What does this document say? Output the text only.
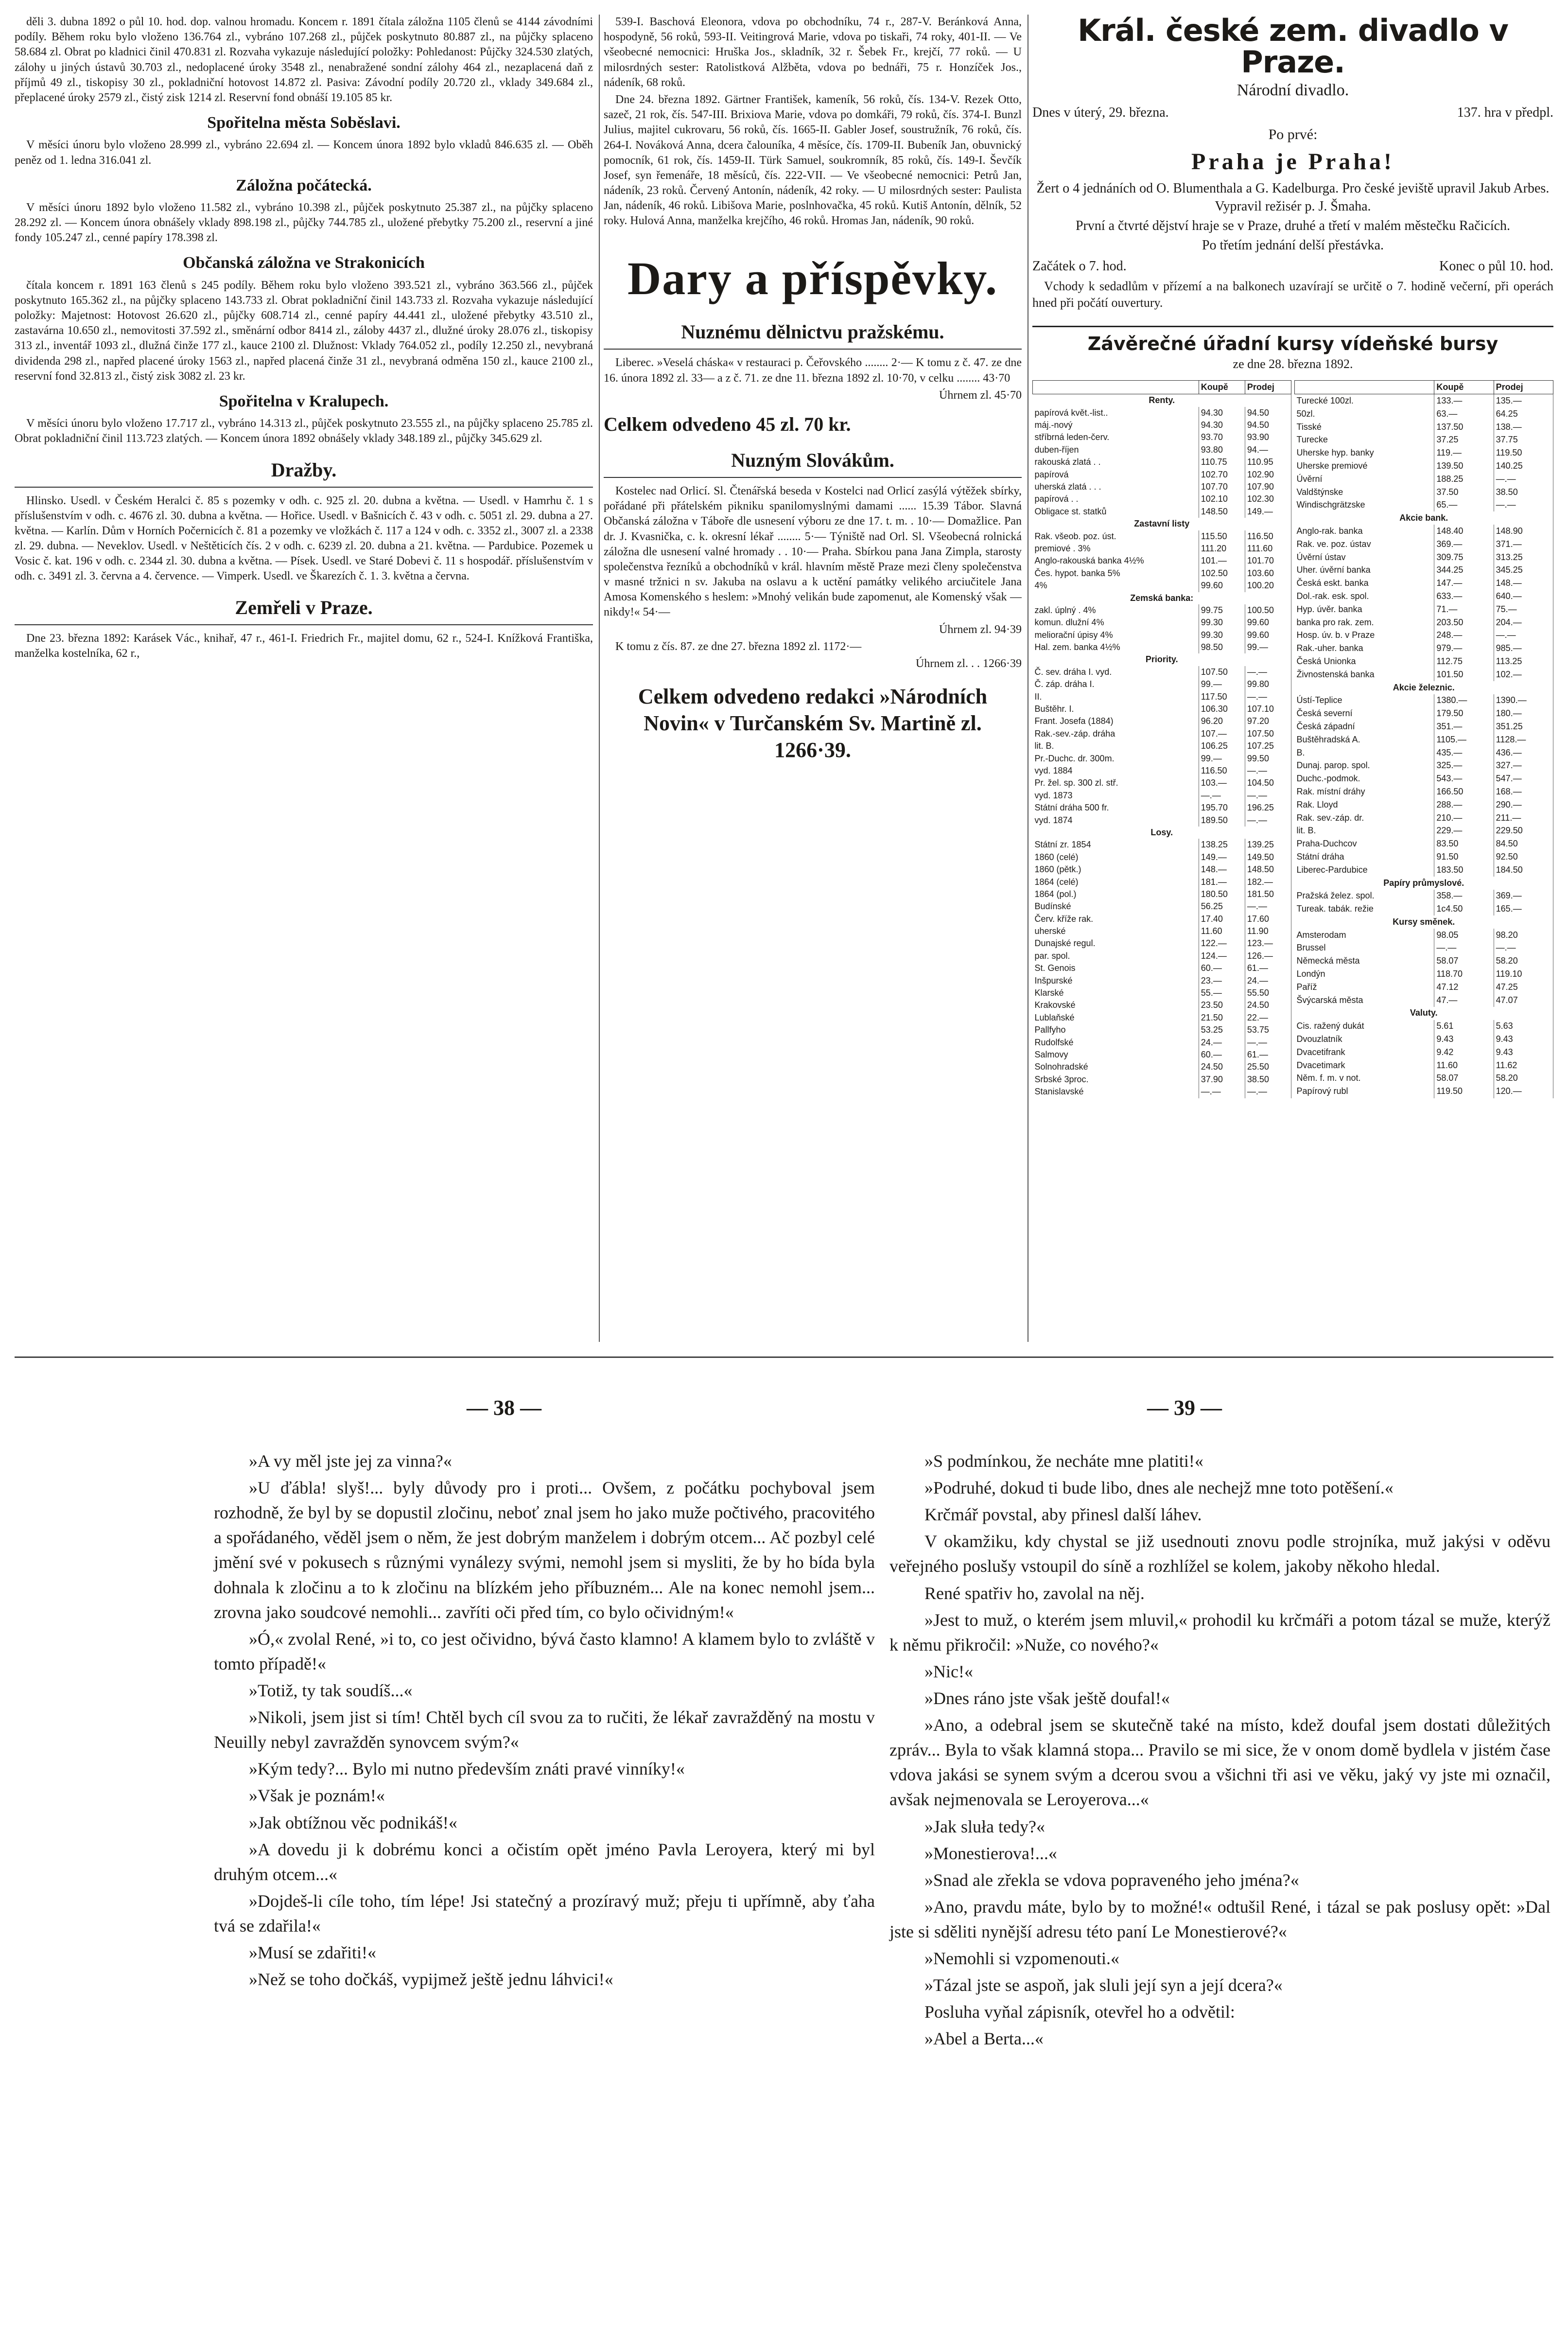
děli 3. dubna 1892 o půl 10. hod. dop. valnou hromadu. Koncem r. 1891 čítala záložna 1105 členů se 4144 závodními podíly. Během roku bylo vloženo 136.764 zl., vybráno 107.268 zl., půjček poskytnuto 80.887 zl., na půjčky splaceno 58.684 zl. Obrat po kladnici činil 470.831 zl. Rozvaha vykazuje následující položky: Pohledanost: Půjčky 324.530 zlatých, zálohy u jiných ústavů 30.703 zl., nedoplacené úroky 3548 zl., nenabražené sondní zálohy 464 zl., nezaplacená daň z příjmů 49 zl., tiskopisy 30 zl., pokladniční hotovost 14.872 zl. Pasiva: Závodní podíly 20.720 zl., vklady 349.684 zl., přeplacené úroky 2579 zl., čistý zisk 1214 zl. Reservní fond obnáší 19.105 85 kr.

Spořitelna města Soběslavi.

V měsíci únoru bylo vloženo 28.999 zl., vybráno 22.694 zl. — Koncem února 1892 bylo vkladů 846.635 zl. — Oběh peněz od 1. ledna 316.041 zl.

Záložna počátecká.

V měsíci únoru 1892 bylo vloženo 11.582 zl., vybráno 10.398 zl., půjček poskytnuto 25.387 zl., na půjčky splaceno 28.292 zl. — Koncem února obnášely vklady 898.198 zl., půjčky 744.785 zl., uložené přebytky 75.200 zl., reservní a jiné fondy 105.247 zl., cenné papíry 178.398 zl.

Občanská záložna ve Strakonicích

čítala koncem r. 1891 163 členů s 245 podíly. Během roku bylo vloženo 393.521 zl., vybráno 363.566 zl., půjček poskytnuto 165.362 zl., na půjčky splaceno 143.733 zl. Obrat pokladniční činil 143.733 zl. Rozvaha vykazuje následující položky: Majetnost: Hotovost 26.620 zl., půjčky 608.714 zl., cenné papíry 44.441 zl., uložené přebytky 43.510 zl., zastavárna 10.650 zl., nemovitosti 37.592 zl., směnární odbor 8414 zl., záloby 4437 zl., dlužné úroky 28.076 zl., tiskopisy 313 zl., inventář 1093 zl., dlužná činže 177 zl., kauce 2100 zl. Dlužnost: Vklady 764.052 zl., podíly 12.250 zl., nevybraná dividenda 298 zl., napřed placené úroky 1563 zl., napřed placená činže 31 zl., nevybraná odměna 150 zl., kauce 2100 zl., reservní fond 32.813 zl., čistý zisk 3082 zl. 23 kr.

Spořitelna v Kralupech.

V měsíci únoru bylo vloženo 17.717 zl., vybráno 14.313 zl., půjček poskytnuto 23.555 zl., na půjčky splaceno 25.785 zl. Obrat pokladniční činil 113.723 zlatých. — Koncem února 1892 obnášely vklady 348.189 zl., půjčky 345.629 zl.

Dražby.

Hlinsko. Usedl. v Českém Heralci č. 85 s pozemky v odh. c. 925 zl. 20. dubna a května. — Usedl. v Hamrhu č. 1 s příslušenstvím v odh. c. 4676 zl. 30. dubna a května. — Hořice. Usedl. v Bašnicích č. 43 v odh. c. 5051 zl. 29. dubna a 27. května. — Karlín. Dům v Horních Počernicích č. 81 a pozemky ve vložkách č. 117 a 124 v odh. c. 3352 zl., 3007 zl. a 2338 zl. 29. dubna. — Neveklov. Usedl. v Neštěticích čís. 2 v odh. c. 6239 zl. 20. dubna a 21. května. — Pardubice. Pozemek u Vosic č. kat. 196 v odh. c. 2344 zl. 30. dubna a května. — Písek. Usedl. ve Staré Dobevi č. 11 s hospodář. příslušenstvím v odh. c. 3491 zl. 3. června a 4. července. — Vimperk. Usedl. ve Škarezích č. 1. 3. května a června.

Zemřeli v Praze.

Dne 23. března 1892: Karásek Vác., knihař, 47 r., 461-I. Friedrich Fr., majitel domu, 62 r., 524-I. Knížková Františka, manželka kostelníka, 62 r.,

539-I. Baschová Eleonora, vdova po obchodníku, 74 r., 287-V. Beránková Anna, hospodyně, 56 roků, 593-II. Veitingrová Marie, vdova po tiskaři, 74 roky, 401-II. — Ve všeobecné nemocnici: Hruška Jos., skladník, 32 r. Šebek Fr., krejčí, 77 roků. — U milosrdných sester: Ratolistková Alžběta, vdova po bednáři, 75 r. Honzíček Jos., nádeník, 68 roků.

Dne 24. března 1892. Gärtner František, kameník, 56 roků, čís. 134-V. Rezek Otto, sazeč, 21 rok, čís. 547-III. Brixiova Marie, vdova po domkáři, 79 roků, čís. 374-I. Bunzl Julius, majitel cukrovaru, 56 roků, čís. 1665-II. Gabler Josef, soustružník, 76 roků, čís. 264-I. Nováková Anna, dcera čalouníka, 4 měsíce, čís. 1709-II. Bubeník Jan, obuvnický pomocník, 61 rok, čís. 1459-II. Türk Samuel, soukromník, 85 roků, čís. 149-I. Ševčík Josef, syn řemenáře, 18 měsíců, čís. 222-VII. — Ve všeobecné nemocnici: Petrů Jan, nádeník, 23 roků. Červený Antonín, nádeník, 42 roky. — U milosrdných sester: Paulista Jan, nádeník, 46 roků. Libišova Marie, poslnhovačka, 45 roků. Kutiš Antonín, dělník, 52 roky. Hulová Anna, manželka krejčího, 46 roků. Hromas Jan, nádeník, 90 roků.

Dary a příspěvky.

Nuznému dělnictvu pražskému.

Liberec. »Veselá cháska« v restauraci p. Čeřovského ........ 2·— K tomu z č. 47. ze dne 16. února 1892 zl. 33— a z č. 71. ze dne 11. března 1892 zl. 10·70, v celku ........ 43·70

Úhrnem zl. 45·70

Celkem odvedeno 45 zl. 70 kr.

Nuzným Slovákům.

Kostelec nad Orlicí. Sl. Čtenářská beseda v Kostelci nad Orlicí zasýlá výtěžek sbírky, pořádané při přátelském pikniku spanilomyslnými damami ...... 15.39 Tábor. Slavná Občanská záložna v Táboře dle usnesení výboru ze dne 17. t. m. . 10·— Domažlice. Pan dr. J. Kvasnička, c. k. okresní lékař ........ 5·— Týniště nad Orl. Sl. Všeobecná rolnická záložna dle usnesení valné hromady . . 10·— Praha. Sbírkou pana Jana Zimpla, starosty společenstva řezníků a obchodníků v král. hlavním městě Praze mezi členy společenstva v masné tržnici n sv. Jakuba na oslavu a k uctění památky velikého arciučitele Jana Amosa Komenského s heslem: »Mnohý velikán bude zapomenut, ale Komenský však — nikdy!« 54·—

Úhrnem zl. 94·39

K tomu z čís. 87. ze dne 27. března 1892 zl. 1172·—

Úhrnem zl. . . 1266·39

Celkem odvedeno redakci »Národních Novin« v Turčanském Sv. Martině zl. 1266·39.

Král. české zem. divadlo v Praze.
Národní divadlo.
Dnes v úterý, 29. března.	137. hra v předpl.

Po prvé:

Praha je Praha!

Žert o 4 jednáních od O. Blumenthala a G. Kadelburga. Pro české jeviště upravil Jakub Arbes. Vypravil režisér p. J. Šmaha.

První a čtvrté dějství hraje se v Praze, druhé a třetí v malém městečku Račicích.

Po třetím jednání delší přestávka.

Začátek o 7. hod.	Konec o půl 10. hod.

Vchody k sedadlům v přízemí a na balkonech uzavírají se určitě o 7. hodině večerní, při operách hned při počátí ouvertury.

Závěrečné úřadní kursy vídeňské bursy

ze dne 28. března 1892.

	Koupě	Prodej
Renty.		
papírová květ.-list..	94.30	94.50
máj.-nový	94.30	94.50
stříbrná leden-červ.	93.70	93.90
duben-říjen	93.80	94.—
rakouská zlatá . .	110.75	110.95
papírová	102.70	102.90
uherská zlatá . . .	107.70	107.90
papírová . .	102.10	102.30
Obligace st. statků	148.50	149.—
Zastavní listy		
Rak. všeob. poz. úst.	115.50	116.50
premiové . 3%	111.20	111.60
Anglo-rakouská banka 4½%	101.—	101.70
Čes. hypot. banka 5%	102.50	103.60
4%	99.60	100.20
Zemská banka:		
zakl. úplný . 4%	99.75	100.50
komun. dlužní 4%	99.30	99.60
meliorační úpisy 4%	99.30	99.60
Hal. zem. banka 4½%	98.50	99.—
Priority.		
Č. sev. dráha I. vyd.	107.50	—.—
Č. záp. dráha I.	99.—	99.80
II.	117.50	—.—
Buštěhr. I.	106.30	107.10
Frant. Josefa (1884)	96.20	97.20
Rak.-sev.-záp. dráha	107.—	107.50
lit. B.	106.25	107.25
Pr.-Duchc. dr. 300m.	99.—	99.50
vyd. 1884	116.50	—.—
Pr. žel. sp. 300 zl. stř.	103.—	104.50
vyd. 1873	—.—	—.—
Státní dráha 500 fr.	195.70	196.25
vyd. 1874	189.50	—.—
Losy.		
Státní zr. 1854	138.25	139.25
1860 (celé)	149.—	149.50
1860 (pětk.)	148.—	148.50
1864 (celé)	181.—	182.—
1864 (pol.)	180.50	181.50
Budínské	56.25	—.—
Červ. kříže rak.	17.40	17.60
uherské	11.60	11.90
Dunajské regul.	122.—	123.—
par. spol.	124.—	126.—
St. Genois	60.—	61.—
Inšpurské	23.—	24.—
Klarské	55.—	55.50
Krakovské	23.50	24.50
Lublaňské	21.50	22.—
Pallfyho	53.25	53.75
Rudolfské	24.—	—.—
Salmovy	60.—	61.—
Solnohradské	24.50	25.50
Srbské 3proc.	37.90	38.50
Stanislavské	—.—	—.—
	Koupě	Prodej
Turecké 100zl.	133.—	135.—
50zl.	63.—	64.25
Tisské	137.50	138.—
Turecke	37.25	37.75
Uherske hyp. banky	119.—	119.50
Uherske premiové	139.50	140.25
Úvěrní	188.25	—.—
Valdštýnske	37.50	38.50
Windischgrätzske	65.—	—.—
Akcie bank.		
Anglo-rak. banka	148.40	148.90
Rak. ve. poz. ústav	369.—	371.—
Úvěrní ústav	309.75	313.25
Uher. úvěrní banka	344.25	345.25
Česká eskt. banka	147.—	148.—
Dol.-rak. esk. spol.	633.—	640.—
Hyp. úvěr. banka	71.—	75.—
banka pro rak. zem.	203.50	204.—
Hosp. úv. b. v Praze	248.—	—.—
Rak.-uher. banka	979.—	985.—
Česká Unionka	112.75	113.25
Živnostenská banka	101.50	102.—
Akcie železnic.		
Ústí-Teplice	1380.—	1390.—
Česká severní	179.50	180.—
Česká západní	351.—	351.25
Buštěhradská A.	1105.—	1128.—
B.	435.—	436.—
Dunaj. parop. spol.	325.—	327.—
Duchc.-podmok.	543.—	547.—
Rak. místní dráhy	166.50	168.—
Rak. Lloyd	288.—	290.—
Rak. sev.-záp. dr.	210.—	211.—
lit. B.	229.—	229.50
Praha-Duchcov	83.50	84.50
Státní dráha	91.50	92.50
Liberec-Pardubice	183.50	184.50
Papíry průmyslové.		
Pražská želez. spol.	358.—	369.—
Tureak. tabák. režie	1c4.50	165.—
Kursy směnek.		
Amsterodam	98.05	98.20
Brussel	—.—	—.—
Německá města	58.07	58.20
Londýn	118.70	119.10
Paříž	47.12	47.25
Švýcarská města	47.—	47.07
Valuty.		
Cis. ražený dukát	5.61	5.63
Dvouzlatník	9.43	9.43
Dvacetifrank	9.42	9.43
Dvacetimark	11.60	11.62
Něm. f. m. v not.	58.07	58.20
Papírový rubl	119.50	120.—
— 38 —	— 39 —

»A vy měl jste jej za vinna?«

»U ďábla! slyš!... byly důvody pro i proti... Ovšem, z počátku pochyboval jsem rozhodně, že byl by se dopustil zločinu, neboť znal jsem ho jako muže počtivého, pracovitého a spořádaného, věděl jsem o něm, že jest dobrým manželem i dobrým otcem... Ač pozbyl celé jmění své v pokusech s různými vynálezy svými, nemohl jsem si mysliti, že by ho bída byla dohnala k zločinu a to k zločinu na blízkém jeho příbuzném... Ale na konec nemohl jsem... zrovna jako soudcové nemohli... zavříti oči před tím, co bylo očividným!«

»Ó,« zvolal René, »i to, co jest očividno, bývá často klamno! A klamem bylo to zvláště v tomto případě!«

»Totiž, ty tak soudíš...«

»Nikoli, jsem jist si tím! Chtěl bych cíl svou za to ručiti, že lékař zavražděný na mostu v Neuilly nebyl zavražděn synovcem svým?«

»Kým tedy?... Bylo mi nutno především znáti pravé vinníky!«

»Však je poznám!«

»Jak obtížnou věc podnikáš!«

»A dovedu ji k dobrému konci a očistím opět jméno Pavla Leroyera, který mi byl druhým otcem...«

»Dojdeš-li cíle toho, tím lépe! Jsi statečný a prozíravý muž; přeju ti upřímně, aby ťaha tvá se zdařila!«

»Musí se zdařiti!«

»Než se toho dočkáš, vypijmež ještě jednu láhvici!«

»S podmínkou, že necháte mne platiti!«

»Podruhé, dokud ti bude libo, dnes ale nechejž mne toto potěšení.«

Krčmář povstal, aby přinesl další láhev.

V okamžiku, kdy chystal se již usednouti znovu podle strojníka, muž jakýsi v oděvu veřejného poslušy vstoupil do síně a rozhlížel se kolem, jakoby někoho hledal.

René spatřiv ho, zavolal na něj.

»Jest to muž, o kterém jsem mluvil,« prohodil ku krčmáři a potom tázal se muže, kterýž k němu přikročil: »Nuže, co nového?«

»Nic!«

»Dnes ráno jste však ještě doufal!«

»Ano, a odebral jsem se skutečně také na místo, kdež doufal jsem dostati důležitých zpráv... Byla to však klamná stopa... Pravilo se mi sice, že v onom domě bydlela v jistém čase vdova jakási se synem svým a dcerou svou a všichni tři asi ve věku, jaký vy jste mi označil, avšak nejmenovala se Leroyerova...«

»Jak sluła tedy?«

»Monestierova!...«

»Snad ale zřekla se vdova popraveného jeho jména?«

»Ano, pravdu máte, bylo by to možné!« odtušil René, i tázal se pak poslusy opět: »Dal jste si sděliti nynější adresu této paní Le Monestierové?«

»Nemohli si vzpomenouti.«

»Tázal jste se aspoň, jak sluli její syn a její dcera?«

Posluha vyňal zápisník, otevřel ho a odvětil:

»Abel a Berta...«
